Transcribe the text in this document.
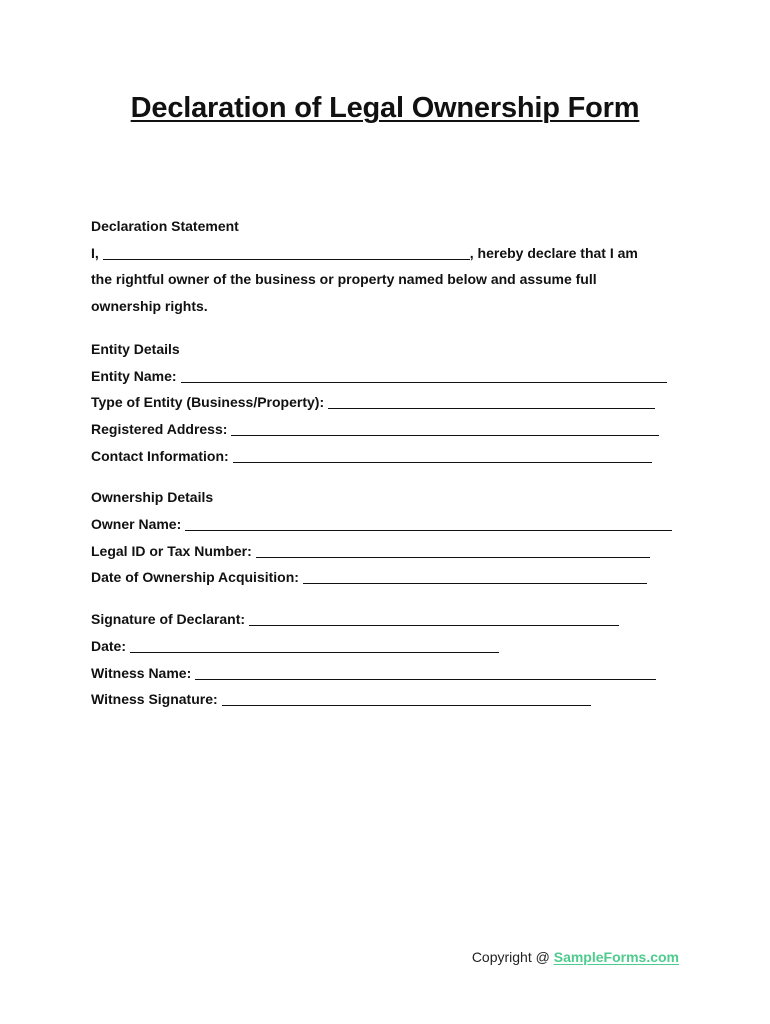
Declaration of Legal Ownership Form

Declaration Statement

I,	, hereby declare that I am

the rightful owner of the business or property named below and assume full

ownership rights.

Entity Details

Entity Name:

Type of Entity (Business/Property):

Registered Address:

Contact Information:

Ownership Details

Owner Name:

Legal ID or Tax Number:

Date of Ownership Acquisition:

Signature of Declarant:

Date:

Witness Name:

Witness Signature:

Copyright @ SampleForms.com
